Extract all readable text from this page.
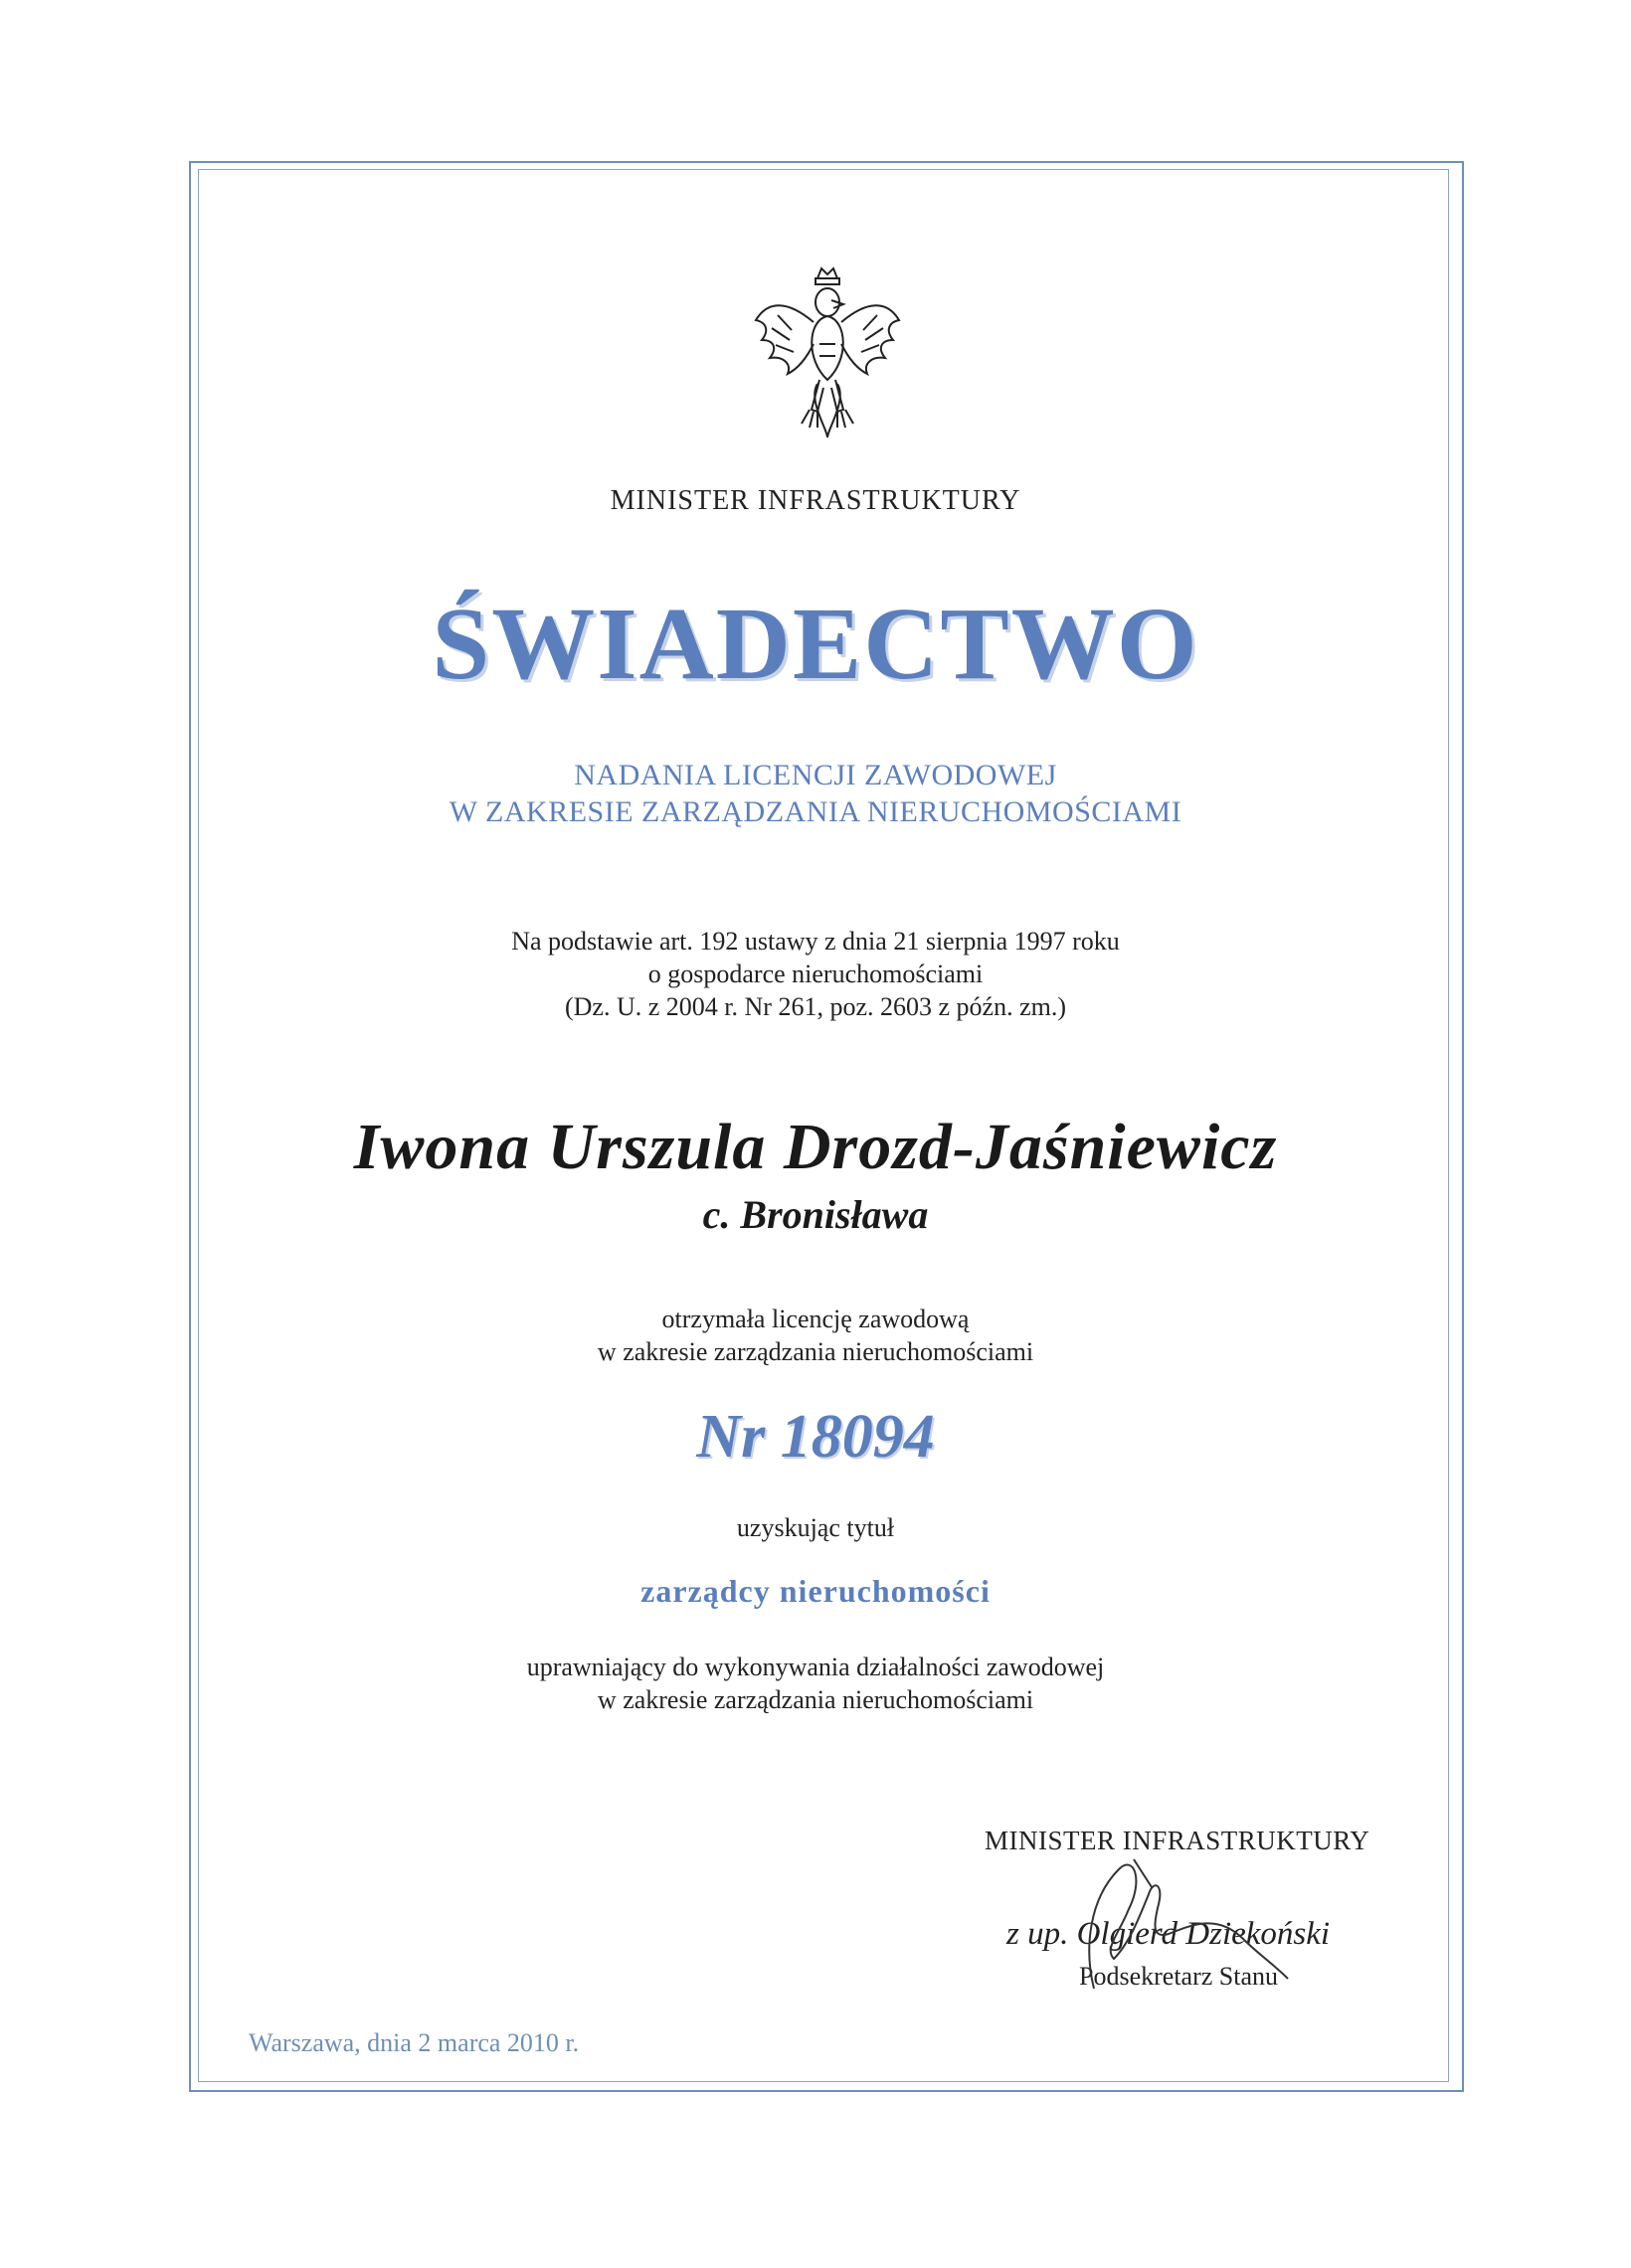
MINISTER INFRASTRUKTURY
ŚWIADECTWO
NADANIA LICENCJI ZAWODOWEJ
W ZAKRESIE ZARZĄDZANIA NIERUCHOMOŚCIAMI
Na podstawie art. 192 ustawy z dnia 21 sierpnia 1997 roku
o gospodarce nieruchomościami
(Dz. U. z 2004 r. Nr 261, poz. 2603 z późn. zm.)
Iwona Urszula Drozd-Jaśniewicz
c. Bronisława
otrzymała licencję zawodową
w zakresie zarządzania nieruchomościami
Nr 18094
uzyskując tytuł
zarządcy nieruchomości
uprawniający do wykonywania działalności zawodowej
w zakresie zarządzania nieruchomościami
MINISTER INFRASTRUKTURY
z up. Olgierd Dziekoński
Podsekretarz Stanu
Warszawa, dnia 2 marca 2010 r.
